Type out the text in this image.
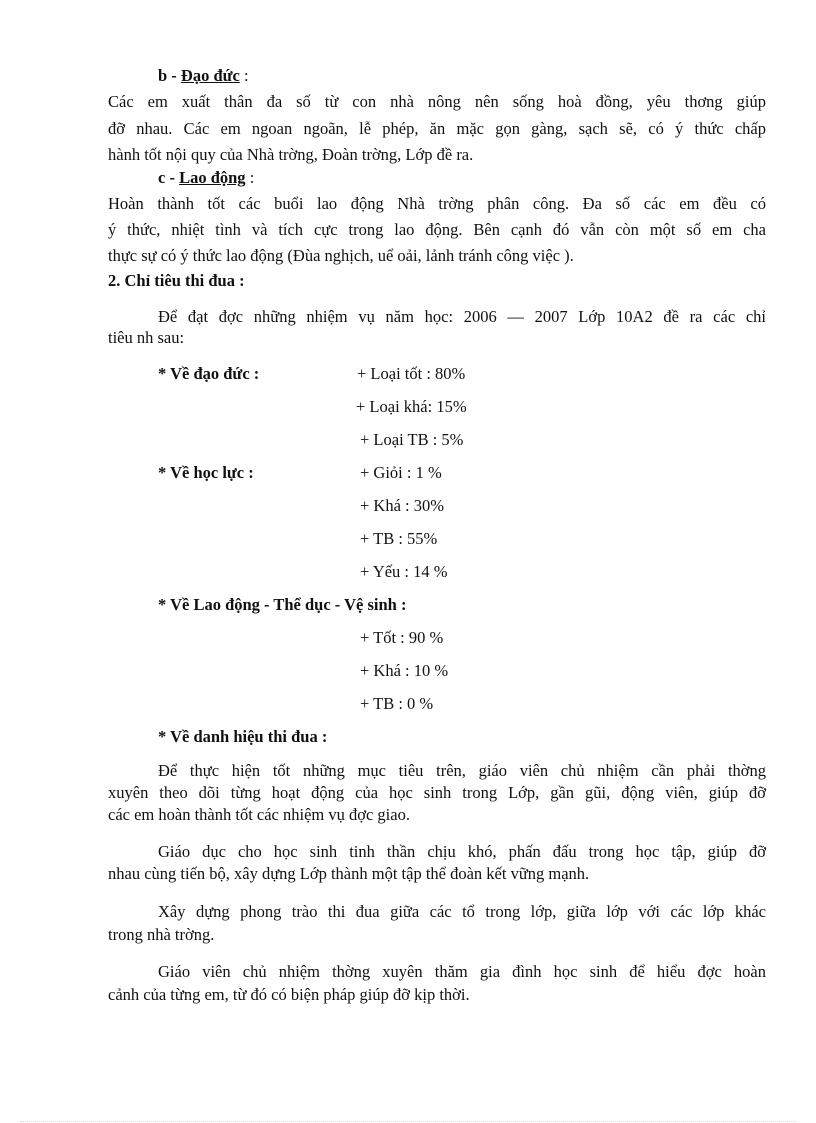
b - Đạo đức :
Các em xuất thân đa số từ con nhà nông nên sống hoà đồng, yêu thơng giúp
đỡ nhau. Các em ngoan ngoãn, lễ phép, ăn mặc gọn gàng, sạch sẽ, có ý thức chấp
hành tốt nội quy của Nhà trờng, Đoàn trờng, Lớp đề ra.
c - Lao động :
Hoàn thành tốt các buổi lao động Nhà trờng phân công. Đa số các em đều có
ý thức, nhiệt tình và tích cực trong lao động. Bên cạnh đó vẫn còn một số em cha
thực sự có ý thức lao động (Đùa nghịch, uể oải, lảnh tránh công việc ).
2. Chỉ tiêu thi đua :
Để đạt đợc những nhiệm vụ năm học: 2006 — 2007 Lớp 10A2 đề ra các chỉ
tiêu nh sau:
* Về đạo đức :	+ Loại tốt : 80%
+ Loại khá: 15%
+ Loại TB : 5%
* Về học lực :	+ Giỏi : 1 %
+ Khá : 30%
+ TB : 55%
+ Yếu : 14 %
* Về Lao động - Thể dục - Vệ sinh :
+ Tốt : 90 %
+ Khá : 10 %
+ TB : 0 %
* Về danh hiệu thi đua :
Để thực hiện tốt những mục tiêu trên, giáo viên chủ nhiệm cần phải thờng
xuyên theo dõi từng hoạt động của học sinh trong Lớp, gần gũi, động viên, giúp đỡ
các em hoàn thành tốt các nhiệm vụ đợc giao.
Giáo dục cho học sinh tinh thần chịu khó, phấn đấu trong học tập, giúp đỡ
nhau cùng tiến bộ, xây dựng Lớp thành một tập thể đoàn kết vững mạnh.
Xây dựng phong trào thi đua giữa các tổ trong lớp, giữa lớp với các lớp khác
trong nhà trờng.
Giáo viên chủ nhiệm thờng xuyên thăm gia đình học sinh để hiểu đợc hoàn
cảnh của từng em, từ đó có biện pháp giúp đỡ kịp thời.
